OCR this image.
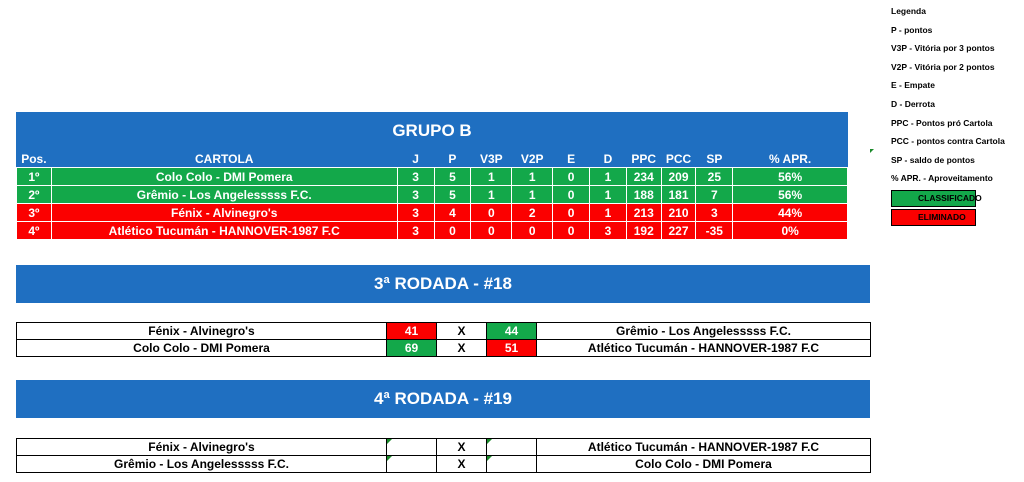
GRUPO B											
Pos.	CARTOLA	J	P	V3P	V2P	E	D	PPC	PCC	SP	% APR.
1º	Colo Colo - DMI Pomera	3	5	1	1	0	1	234	209	25	56%
2º	Grêmio - Los Angelesssss F.C.	3	5	1	1	0	1	188	181	7	56%
3º	Fénix - Alvinegro's	3	4	0	2	0	1	213	210	3	44%
4º	Atlético Tucumán - HANNOVER-1987 F.C	3	0	0	0	0	3	192	227	-35	0%
3ª RODADA - #18
Fénix - Alvinegro's	41	X	44	Grêmio - Los Angelesssss F.C.
Colo Colo - DMI Pomera	69	X	51	Atlético Tucumán - HANNOVER-1987 F.C
4ª RODADA - #19
Fénix - Alvinegro's		X		Atlético Tucumán - HANNOVER-1987 F.C
Grêmio - Los Angelesssss F.C.		X		Colo Colo - DMI Pomera
Legenda
P - pontos
V3P - Vitória por 3 pontos
V2P - Vitória por 2 pontos
E - Empate
D - Derrota
PPC - Pontos pró Cartola
PCC - pontos contra Cartola
SP - saldo de pontos
% APR. - Aproveitamento
CLASSIFICADO
ELIMINADO
